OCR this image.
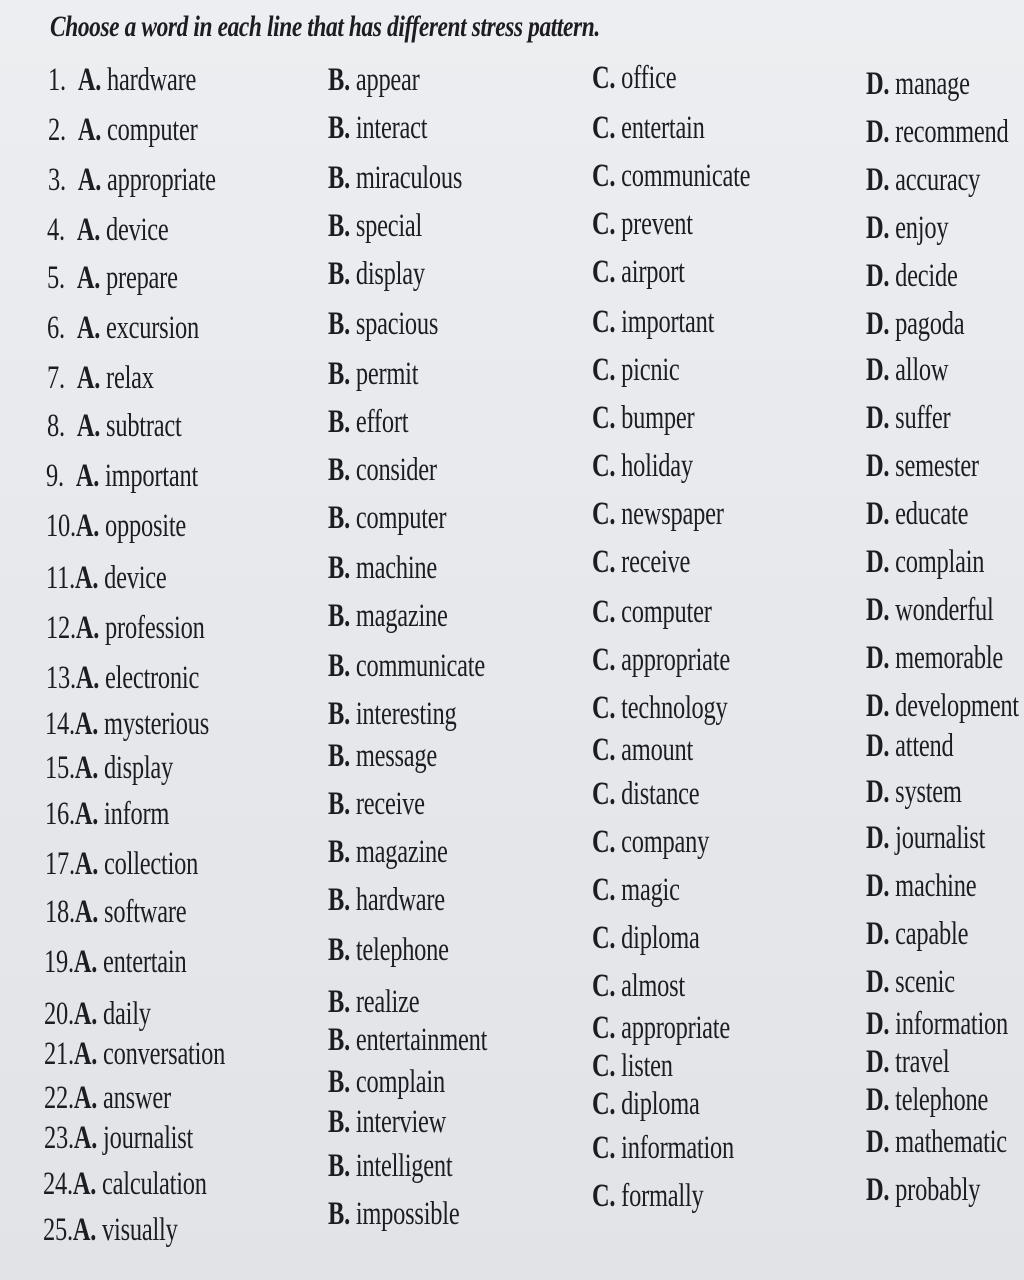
Choose a word in each line that has different stress pattern.
1.  A. hardware	B. appear	C. office	D. manage
2.  A. computer	B. interact	C. entertain	D. recommend
3.  A. appropriate	B. miraculous	C. communicate	D. accuracy
4.  A. device	B. special	C. prevent	D. enjoy
5.  A. prepare	B. display	C. airport	D. decide
6.  A. excursion	B. spacious	C. important	D. pagoda
7.  A. relax	B. permit	C. picnic	D. allow
8.  A. subtract	B. effort	C. bumper	D. suffer
9.  A. important	B. consider	C. holiday	D. semester
10.A. opposite	B. computer	C. newspaper	D. educate
11.A. device	B. machine	C. receive	D. complain
12.A. profession	B. magazine	C. computer	D. wonderful
13.A. electronic	B. communicate	C. appropriate	D. memorable
14.A. mysterious	B. interesting	C. technology	D. development
15.A. display	B. message	C. amount	D. attend
16.A. inform	B. receive	C. distance	D. system
17.A. collection	B. magazine	C. company	D. journalist
18.A. software	B. hardware	C. magic	D. machine
19.A. entertain	B. telephone	C. diploma	D. capable
20.A. daily	B. realize	C. almost	D. scenic
21.A. conversation	B. entertainment	C. appropriate	D. information
22.A. answer	B. complain	C. listen	D. travel
23.A. journalist	B. interview	C. diploma	D. telephone
24.A. calculation	B. intelligent	C. information	D. mathematic
25.A. visually	B. impossible	C. formally	D. probably
